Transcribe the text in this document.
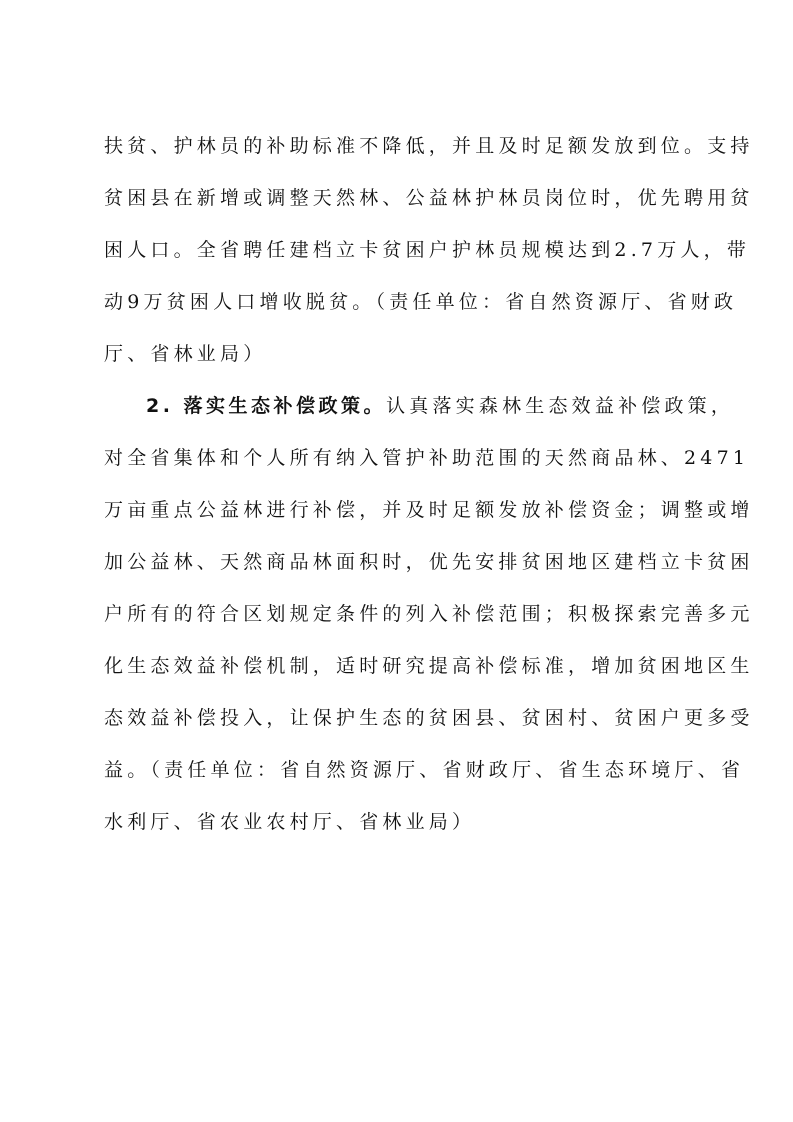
扶贫、护林员的补助标准不降低，并且及时足额发放到位。支持
贫困县在新增或调整天然林、公益林护林员岗位时，优先聘用贫
困人口。全省聘任建档立卡贫困户护林员规模达到2.7万人，带
动9万贫困人口增收脱贫。（责任单位：省自然资源厅、省财政
厅、省林业局）
2. 落实生态补偿政策。认真落实森林生态效益补偿政策，
对全省集体和个人所有纳入管护补助范围的天然商品林、2471
万亩重点公益林进行补偿，并及时足额发放补偿资金；调整或增
加公益林、天然商品林面积时，优先安排贫困地区建档立卡贫困
户所有的符合区划规定条件的列入补偿范围；积极探索完善多元
化生态效益补偿机制，适时研究提高补偿标准，增加贫困地区生
态效益补偿投入，让保护生态的贫困县、贫困村、贫困户更多受
益。（责任单位：省自然资源厅、省财政厅、省生态环境厅、省
水利厅、省农业农村厅、省林业局）
